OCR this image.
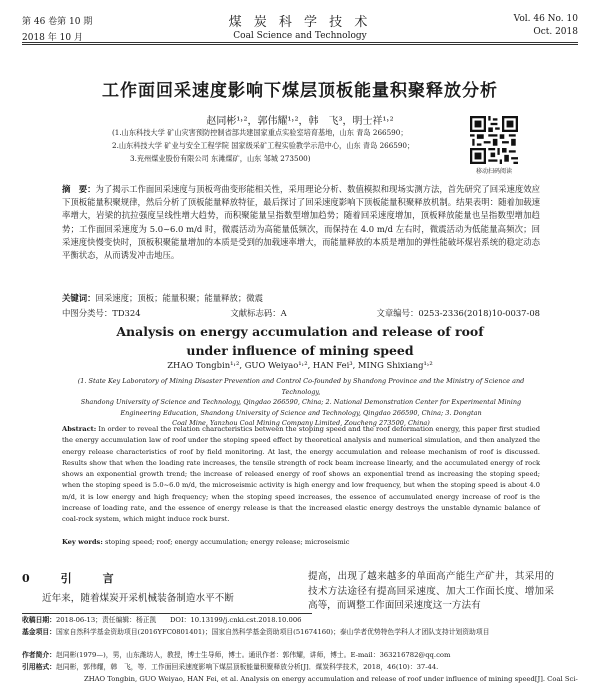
第 46 卷第 10 期
2018 年 10 月
煤 炭 科 学 技 术
Coal Science and Technology
Vol. 46 No. 10
Oct. 2018
工作面回采速度影响下煤层顶板能量积聚释放分析
赵同彬¹˒²，郭伟耀¹˒²，韩　飞³，明士祥¹˒²
(1.山东科技大学 矿山灾害预防控制省部共建国家重点实验室培育基地，山东 青岛 266590；
2.山东科技大学 矿业与安全工程学院 国家级采矿工程实验教学示范中心，山东 青岛 266590；
3.兖州煤业股份有限公司 东滩煤矿，山东 邹城 273500)
移动扫码阅读
摘　要：为了揭示工作面回采速度与顶板弯曲变形能相关性，采用理论分析、数值模拟和现场实测方法，首先研究了回采速度效应下顶板能量积聚规律，然后分析了顶板能量释放特征，最后探讨了回采速度影响下顶板能量积聚释放机制。结果表明：随着加载速率增大，岩梁的抗拉强度呈线性增大趋势，而积聚能量呈指数型增加趋势；随着回采速度增加，顶板释放能量也呈指数型增加趋势；工作面回采速度为 5.0~6.0 m/d 时，微震活动为高能量低频次，而保持在 4.0 m/d 左右时，微震活动为低能量高频次；回采速度快慢变快时，顶板积聚能量增加的本质是受到的加载速率增大，而能量释放的本质是增加的弹性能破坏煤岩系统的稳定动态平衡状态，从而诱发冲击地压。
关键词：回采速度；顶板；能量积聚；能量释放；微震
中图分类号：TD324	文献标志码：A	文章编号：0253-2336(2018)10-0037-08
Analysis on energy accumulation and release of roof
under influence of mining speed
ZHAO Tongbin¹˒², GUO Weiyao¹˒², HAN Fei³, MING Shixiang¹˒²
(1. State Key Laboratory of Mining Disaster Prevention and Control Co-founded by Shandong Province and the Ministry of Science and Technology,
Shandong University of Science and Technology, Qingdao 266590, China; 2. National Demonstration Center for Experimental Mining
Engineering Education, Shandong University of Science and Technology, Qingdao 266590, China; 3. Dongtan
Coal Mine, Yanzhou Coal Mining Company Limited, Zoucheng 273500, China)
Abstract: In order to reveal the relation characteristics between the stoping speed and the roof deformation energy, this paper first studied the energy accumulation law of roof under the stoping speed effect by theoretical analysis and numerical simulation, and then analyzed the energy release characteristics of roof by field monitoring. At last, the energy accumulation and release mechanism of roof is discussed. Results show that when the loading rate increases, the tensile strength of rock beam increase linearly, and the accumulated energy of rock shows an exponential growth trend; the increase of released energy of roof shows an exponential trend as increasing the stoping speed; when the stoping speed is 5.0~6.0 m/d, the microseismic activity is high energy and low frequency, but when the stoping speed is about 4.0 m/d, it is low energy and high frequency; when the stoping speed increases, the essence of accumulated energy increase of roof is the increase of loading rate, and the essence of energy release is that the increased elastic energy destroys the unstable dynamic balance of coal-rock system, which might induce rock burst.
Key words: stoping speed; roof; energy accumulation; energy release; microseismic
0　引　言
近年来，随着煤炭开采机械装备制造水平不断
提高，出现了越来越多的单面高产能生产矿井，其采用的技术方法途径有提高回采速度、加大工作面长度、增加采高等，而调整工作面回采速度这一方法有
收稿日期：2018-06-13；责任编辑：杨正凯　　DOI：10.13199/j.cnki.cst.2018.10.006
基金项目：国家自然科学基金资助项目(2016YFC0801401)；国家自然科学基金资助项目(51674160)；泰山学者优势特色学科人才团队支持计划资助项目
作者简介：赵同彬(1979—)，男，山东潍坊人，教授，博士生导师，博士。通讯作者：郭伟耀，讲师，博士。E-mail：363216782@qq.com
引用格式：赵同彬，郭伟耀，韩　飞，等．工作面回采速度影响下煤层顶板能量积聚释放分析[J]．煤炭科学技术，2018，46(10)：37-44.
ZHAO Tongbin, GUO Weiyao, HAN Fei, et al. Analysis on energy accumulation and release of roof under influence of mining speed[J]. Coal Sci-
